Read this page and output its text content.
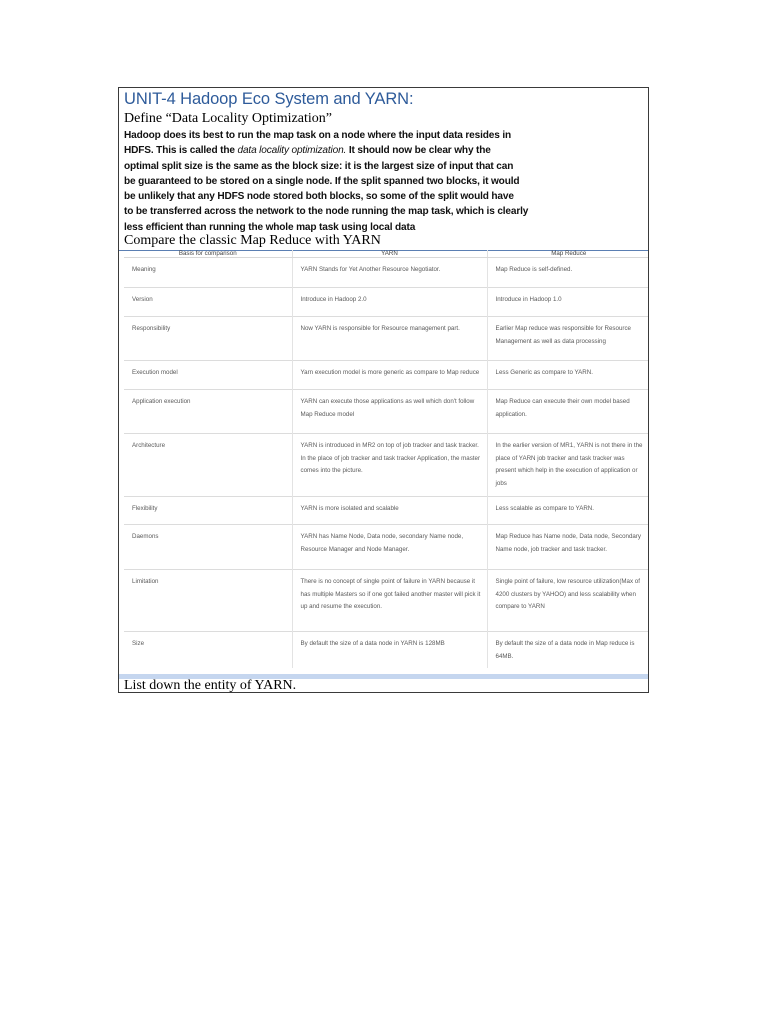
UNIT-4 Hadoop Eco System and YARN:
Define “Data Locality Optimization”
Hadoop does its best to run the map task on a node where the input data resides in
HDFS. This is called the data locality optimization. It should now be clear why the
optimal split size is the same as the block size: it is the largest size of input that can
be guaranteed to be stored on a single node. If the split spanned two blocks, it would
be unlikely that any HDFS node stored both blocks, so some of the split would have
to be transferred across the network to the node running the map task, which is clearly
less efficient than running the whole map task using local data
Compare the classic Map Reduce with YARN
Basis for comparison	YARN	Map Reduce
Meaning	YARN Stands for Yet Another Resource Negotiator.	Map Reduce is self-defined.
Version	Introduce in Hadoop 2.0	Introduce in Hadoop 1.0
Responsibility	Now YARN is responsible for Resource management part.	Earlier Map reduce was responsible for Resource Management as well as data processing
Execution model	Yarn execution model is more generic as compare to Map reduce	Less Generic as compare to YARN.
Application execution	YARN can execute those applications as well which don't follow Map Reduce model	Map Reduce can execute their own model based application.
Architecture	YARN is introduced in MR2 on top of job tracker and task tracker. In the place of job tracker and task tracker Application, the master comes into the picture.	In the earlier version of MR1, YARN is not there in the place of YARN job tracker and task tracker was present which help in the execution of application or jobs
Flexibility	YARN is more isolated and scalable	Less scalable as compare to YARN.
Daemons	YARN has Name Node, Data node, secondary Name node, Resource Manager and Node Manager.	Map Reduce has Name node, Data node, Secondary Name node, job tracker and task tracker.
Limitation	There is no concept of single point of failure in YARN because it has multiple Masters so if one got failed another master will pick it up and resume the execution.	Single point of failure, low resource utilization(Max of 4200 clusters by YAHOO) and less scalability when compare to YARN
Size	By default the size of a data node in YARN is 128MB	By default the size of a data node in Map reduce is 64MB.
List down the entity of YARN.
